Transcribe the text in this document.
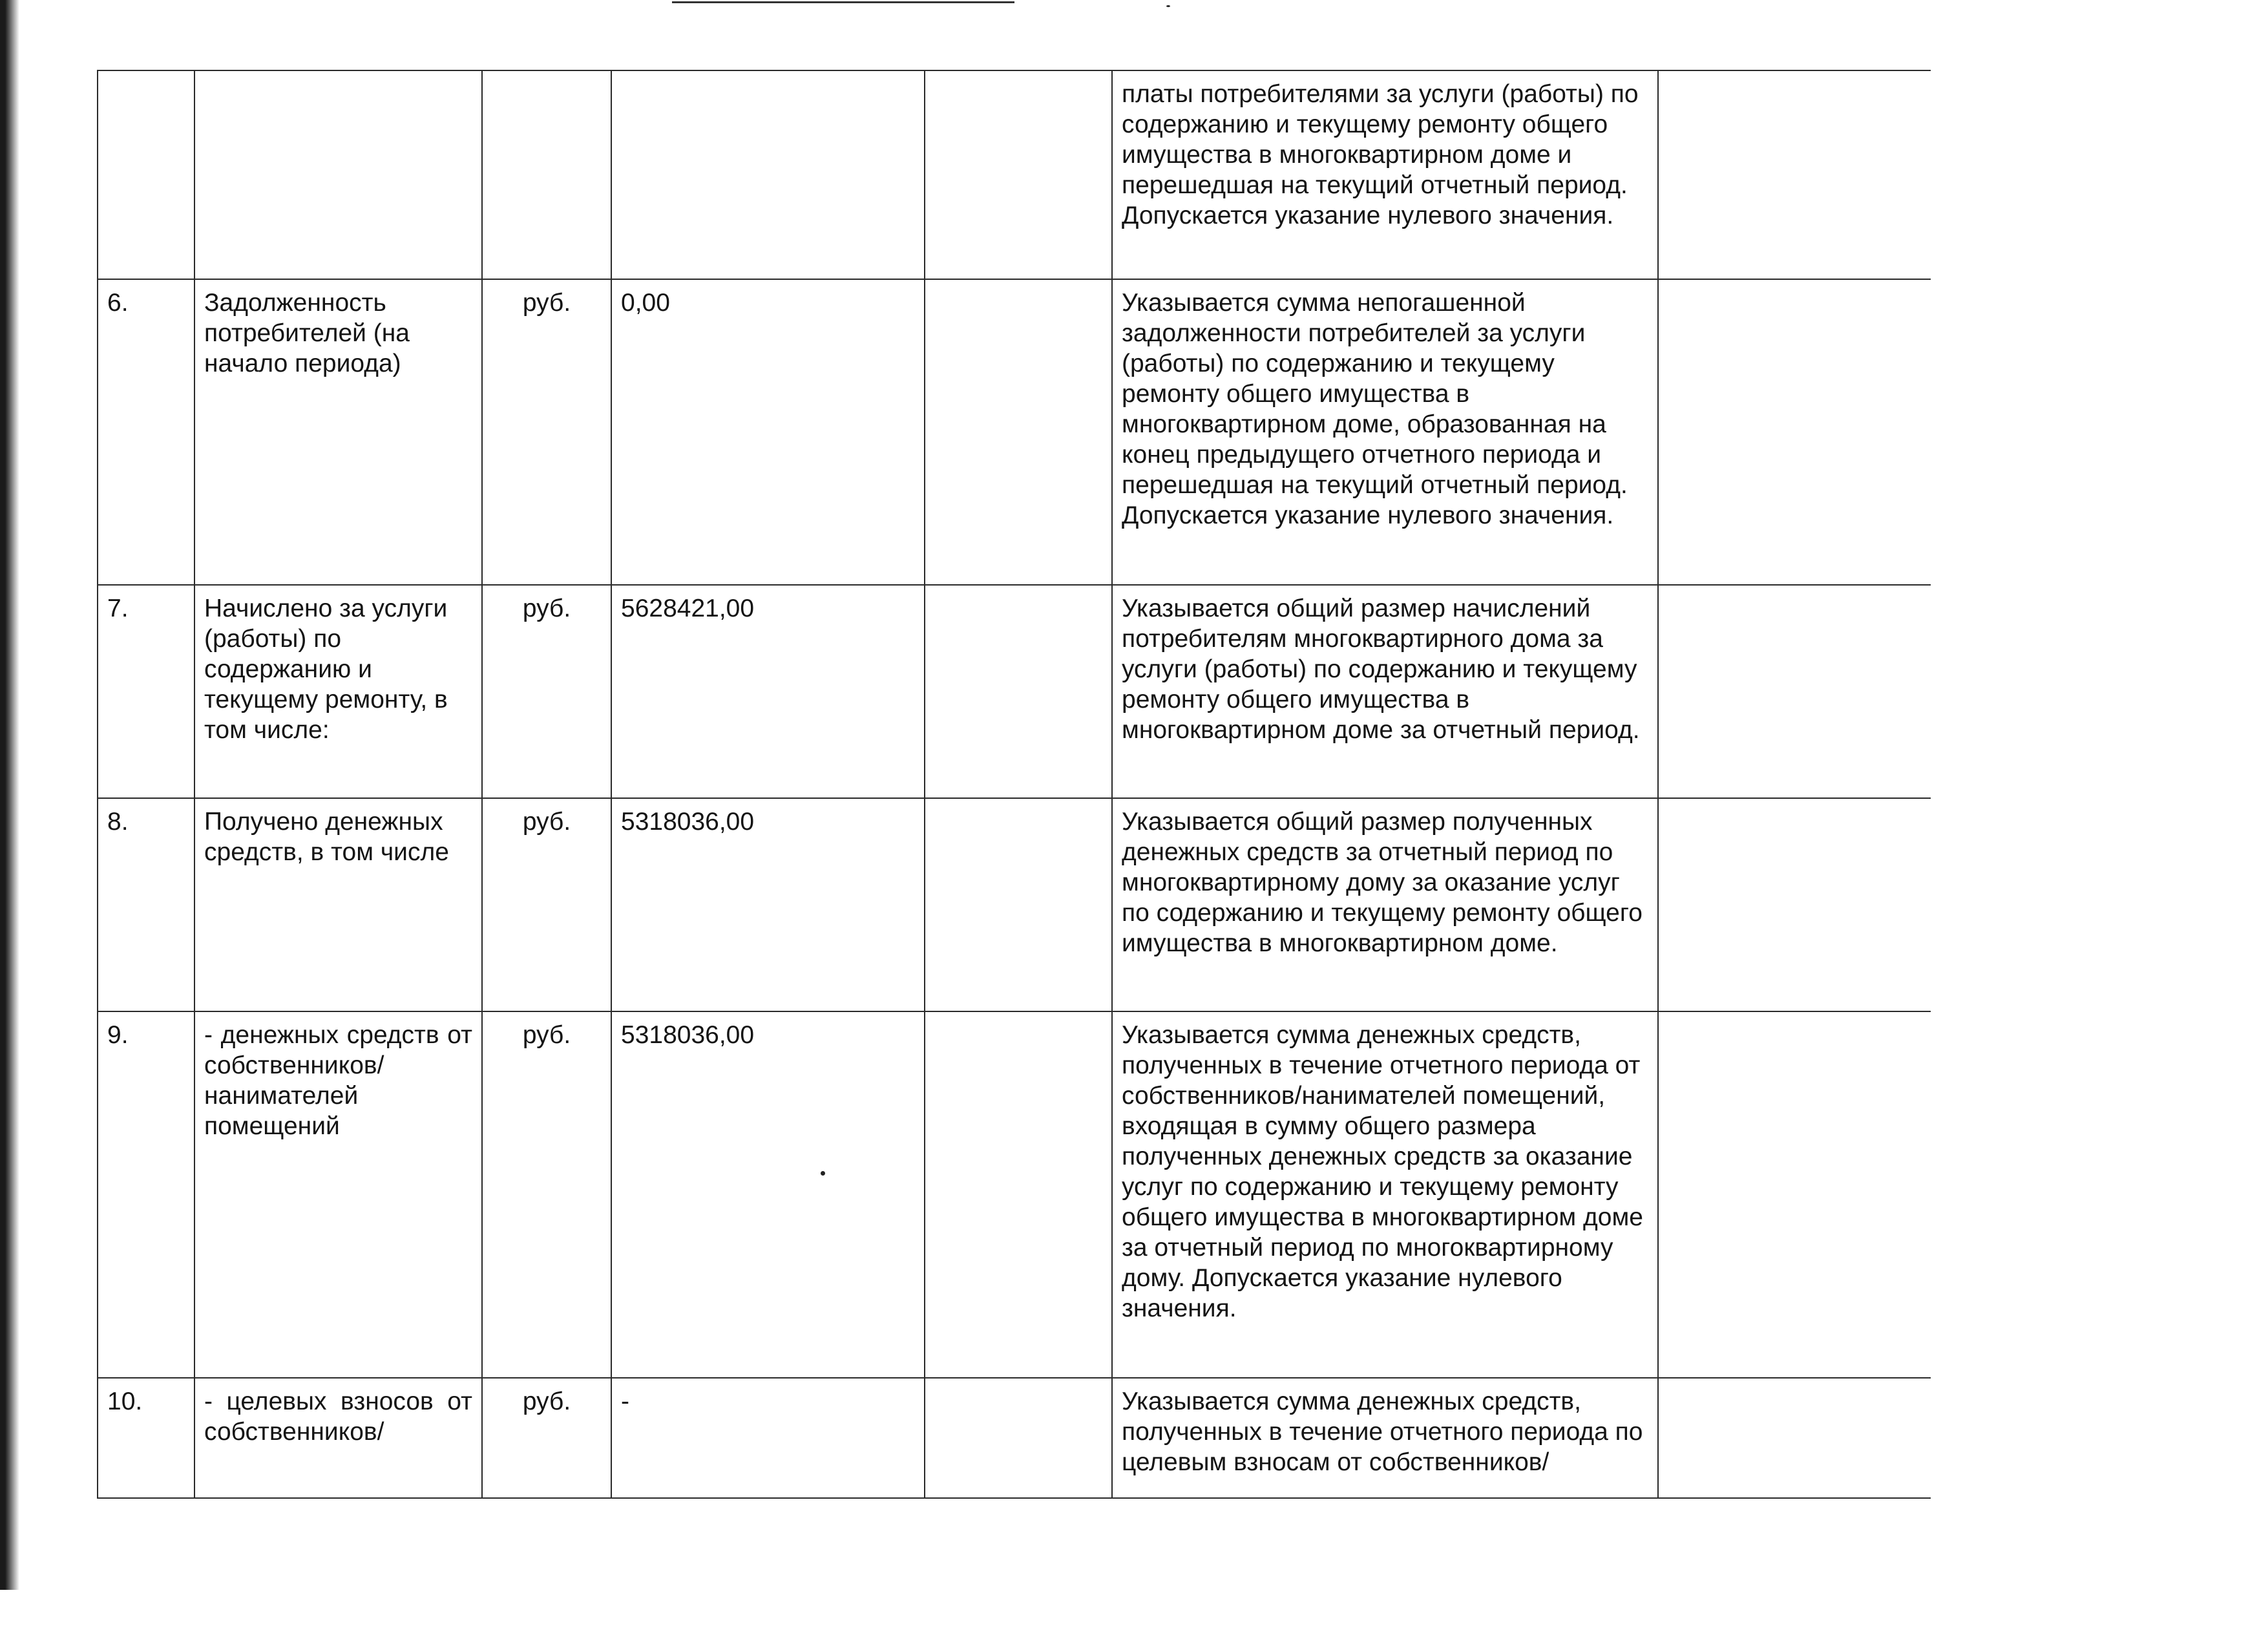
					платы потребителями за услуги (работы) по содержанию и текущему ремонту общего имущества в многоквартирном доме и перешедшая на текущий отчетный период. Допускается указание нулевого значения.	
6.	Задолженность потребителей (на начало периода)	руб.	0,00		Указывается сумма непогашенной задолженности потребителей за услуги (работы) по содержанию и текущему ремонту общего имущества в многоквартирном доме, образованная на конец предыдущего отчетного периода и перешедшая на текущий отчетный период. Допускается указание нулевого значения.	
7.	Начислено за услуги (работы) по содержанию и текущему ремонту, в том числе:	руб.	5628421,00		Указывается общий размер начислений потребителям многоквартирного дома за услуги (работы) по содержанию и текущему ремонту общего имущества в многоквартирном доме за отчетный период.	
8.	Получено денежных средств, в том числе	руб.	5318036,00		Указывается общий размер полученных денежных средств за отчетный период по многоквартирному дому за оказание услуг по содержанию и текущему ремонту общего имущества в многоквартирном доме.	
9.	- денежных средств от собственников/ нанимателей помещений	руб.	5318036,00		Указывается сумма денежных средств, полученных в течение отчетного периода от собственников/нанимателей помещений, входящая в сумму общего размера полученных денежных средств за оказание услуг по содержанию и текущему ремонту общего имущества в многоквартирном доме за отчетный период по многоквартирному дому. Допускается указание нулевого значения.	
10.	- целевых взносов от собственников/	руб.	-		Указывается сумма денежных средств, полученных в течение отчетного периода по целевым взносам от собственников/	
